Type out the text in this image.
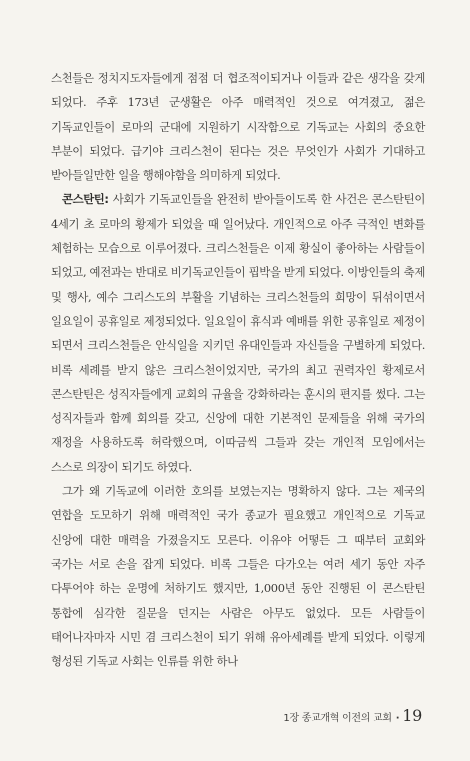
스천들은 정치지도자들에게 점점 더 협조적이되거나 이들과 같은 생각을 갖게 되었다. 주후 173년 군생활은 아주 매력적인 것으로 여겨졌고, 젊은 기독교인들이 로마의 군대에 지원하기 시작함으로 기독교는 사회의 중요한 부분이 되었다. 급기야 크리스천이 된다는 것은 무엇인가 사회가 기대하고 받아들일만한 일을 행해야함을 의미하게 되었다.

콘스탄틴: 사회가 기독교인들을 완전히 받아들이도록 한 사건은 콘스탄틴이 4세기 초 로마의 황제가 되었을 때 일어났다. 개인적으로 아주 극적인 변화를 체험하는 모습으로 이루어졌다. 크리스천들은 이제 황실이 좋아하는 사람들이 되었고, 예전과는 반대로 비기독교인들이 핍박을 받게 되었다. 이방인들의 축제 및 행사, 예수 그리스도의 부활을 기념하는 크리스천들의 희망이 뒤섞이면서 일요일이 공휴일로 제정되었다. 일요일이 휴식과 예배를 위한 공휴일로 제정이 되면서 크리스천들은 안식일을 지키던 유대인들과 자신들을 구별하게 되었다. 비록 세례를 받지 않은 크리스천이었지만, 국가의 최고 권력자인 황제로서 콘스탄틴은 성직자들에게 교회의 규율을 강화하라는 훈시의 편지를 썼다. 그는 성직자들과 함께 회의를 갖고, 신앙에 대한 기본적인 문제들을 위해 국가의 재정을 사용하도록 허락했으며, 이따금씩 그들과 갖는 개인적 모임에서는 스스로 의장이 되기도 하였다.

그가 왜 기독교에 이러한 호의를 보였는지는 명확하지 않다. 그는 제국의 연합을 도모하기 위해 매력적인 국가 종교가 필요했고 개인적으로 기독교 신앙에 대한 매력을 가졌을지도 모른다. 이유야 어떻든 그 때부터 교회와 국가는 서로 손을 잡게 되었다. 비록 그들은 다가오는 여러 세기 동안 자주 다투어야 하는 운명에 처하기도 했지만, 1,000년 동안 진행된 이 콘스탄틴 통합에 심각한 질문을 던지는 사람은 아무도 없었다. 모든 사람들이 태어나자마자 시민 겸 크리스천이 되기 위해 유아세례를 받게 되었다. 이렇게 형성된 기독교 사회는 인류를 위한 하나

1장 종교개혁 이전의 교회 · 19
